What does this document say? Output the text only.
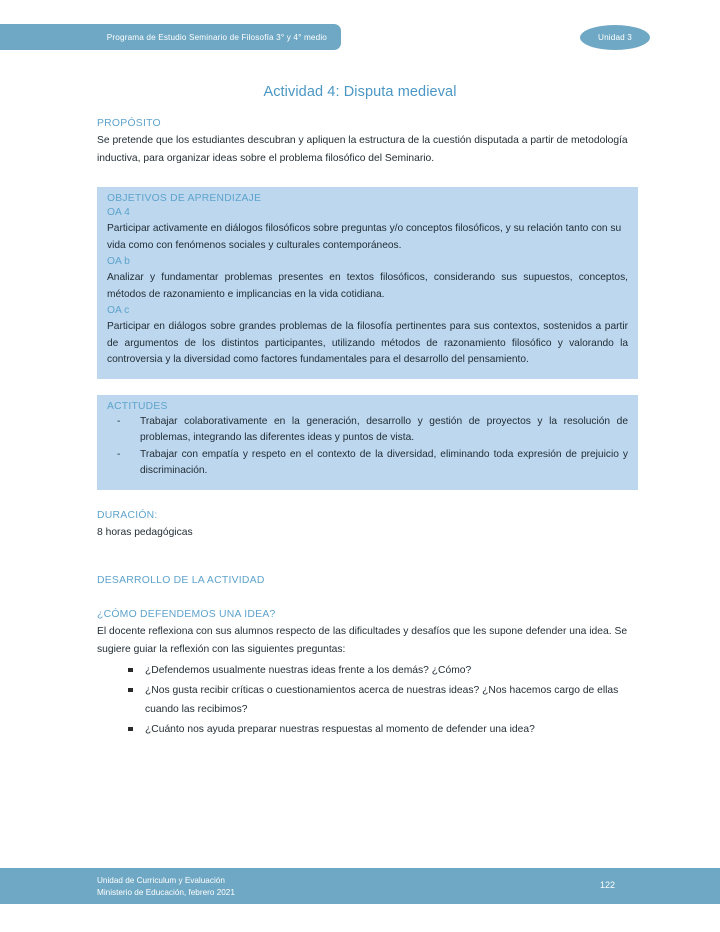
Programa de Estudio Seminario de Filosofía 3° y 4° medio	Unidad 3
Actividad 4: Disputa medieval

PROPÓSITO

Se pretende que los estudiantes descubran y apliquen la estructura de la cuestión disputada a partir de metodología inductiva, para organizar ideas sobre el problema filosófico del Seminario.

OBJETIVOS DE APRENDIZAJE

OA 4

Participar activamente en diálogos filosóficos sobre preguntas y/o conceptos filosóficos, y su relación tanto con su vida como con fenómenos sociales y culturales contemporáneos.

OA b

Analizar y fundamentar problemas presentes en textos filosóficos, considerando sus supuestos, conceptos, métodos de razonamiento e implicancias en la vida cotidiana.

OA c

Participar en diálogos sobre grandes problemas de la filosofía pertinentes para sus contextos, sostenidos a partir de argumentos de los distintos participantes, utilizando métodos de razonamiento filosófico y valorando la controversia y la diversidad como factores fundamentales para el desarrollo del pensamiento.

ACTITUDES

- Trabajar colaborativamente en la generación, desarrollo y gestión de proyectos y la resolución de problemas, integrando las diferentes ideas y puntos de vista.
- Trabajar con empatía y respeto en el contexto de la diversidad, eliminando toda expresión de prejuicio y discriminación.

DURACIÓN:

8 horas pedagógicas

DESARROLLO DE LA ACTIVIDAD

¿CÓMO DEFENDEMOS UNA IDEA?

El docente reflexiona con sus alumnos respecto de las dificultades y desafíos que les supone defender una idea. Se sugiere guiar la reflexión con las siguientes preguntas:

¿Defendemos usualmente nuestras ideas frente a los demás? ¿Cómo?
¿Nos gusta recibir críticas o cuestionamientos acerca de nuestras ideas? ¿Nos hacemos cargo de ellas cuando las recibimos?
¿Cuánto nos ayuda preparar nuestras respuestas al momento de defender una idea?
Unidad de Curriculum y Evaluación
Ministerio de Educación, febrero 2021
122
